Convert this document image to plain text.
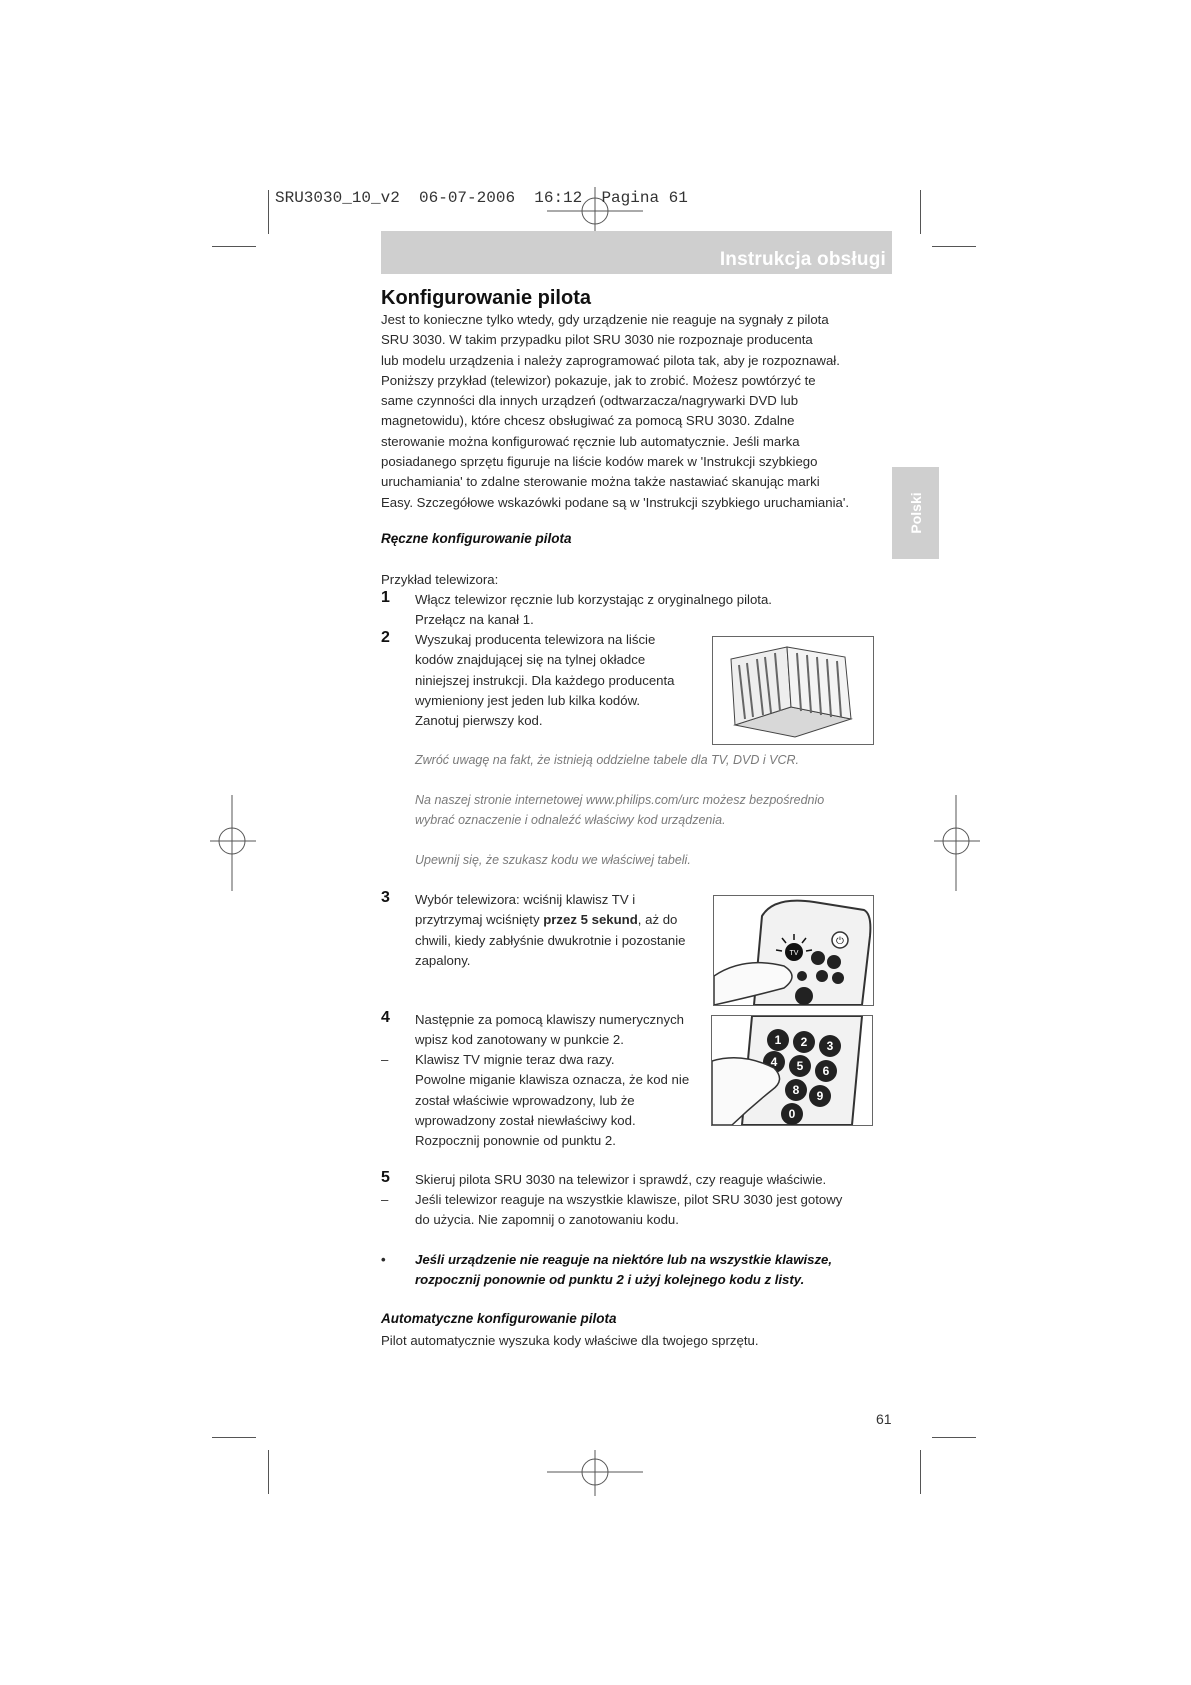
SRU3030_10_v2  06-07-2006  16:12  Pagina 61
Instrukcja obsługi
Polski
Konfigurowanie pilota
Jest to konieczne tylko wtedy, gdy urządzenie nie reaguje na sygnały z pilota
SRU 3030. W takim przypadku pilot SRU 3030 nie rozpoznaje producenta
lub modelu urządzenia i należy zaprogramować pilota tak, aby je rozpoznawał.
Poniższy przykład (telewizor) pokazuje, jak to zrobić. Możesz powtórzyć te
same czynności dla innych urządzeń (odtwarzacza/nagrywarki DVD lub
magnetowidu), które chcesz obsługiwać za pomocą SRU 3030. Zdalne
sterowanie można konfigurować ręcznie lub automatycznie. Jeśli marka
posiadanego sprzętu figuruje na liście kodów marek w 'Instrukcji szybkiego
uruchamiania' to zdalne sterowanie można także nastawiać skanując marki
Easy. Szczegółowe wskazówki podane są w 'Instrukcji szybkiego uruchamiania'.
Ręczne konfigurowanie pilota
Przykład telewizora:
1 Włącz telewizor ręcznie lub korzystając z oryginalnego pilota.
Przełącz na kanał 1.
2 Wyszukaj producenta telewizora na liście
kodów znajdującej się na tylnej okładce
niniejszej instrukcji. Dla każdego producenta
wymieniony jest jeden lub kilka kodów.
Zanotuj pierwszy kod.
Zwróć uwagę na fakt, że istnieją oddzielne tabele dla TV, DVD i VCR.
Na naszej stronie internetowej www.philips.com/urc możesz bezpośrednio
wybrać oznaczenie i odnaleźć właściwy kod urządzenia.
Upewnij się, że szukasz kodu we właściwej tabeli.
3 Wybór telewizora: wciśnij klawisz TV i
przytrzymaj wciśnięty przez 5 sekund, aż do
chwili, kiedy zabłyśnie dwukrotnie i pozostanie
zapalony.
⏻
TV
4 Następnie za pomocą klawiszy numerycznych
wpisz kod zanotowany w punkcie 2.
– Klawisz TV mignie teraz dwa razy.
Powolne miganie klawisza oznacza, że kod nie
został właściwie wprowadzony, lub że
wprowadzony został niewłaściwy kod.
Rozpocznij ponownie od punktu 2.
1 2 3
4 5 6
8 9
0
5 Skieruj pilota SRU 3030 na telewizor i sprawdź, czy reaguje właściwie.
– Jeśli telewizor reaguje na wszystkie klawisze, pilot SRU 3030 jest gotowy
do użycia. Nie zapomnij o zanotowaniu kodu.
• Jeśli urządzenie nie reaguje na niektóre lub na wszystkie klawisze,
rozpocznij ponownie od punktu 2 i użyj kolejnego kodu z listy.
Automatyczne konfigurowanie pilota
Pilot automatycznie wyszuka kody właściwe dla twojego sprzętu.
61
